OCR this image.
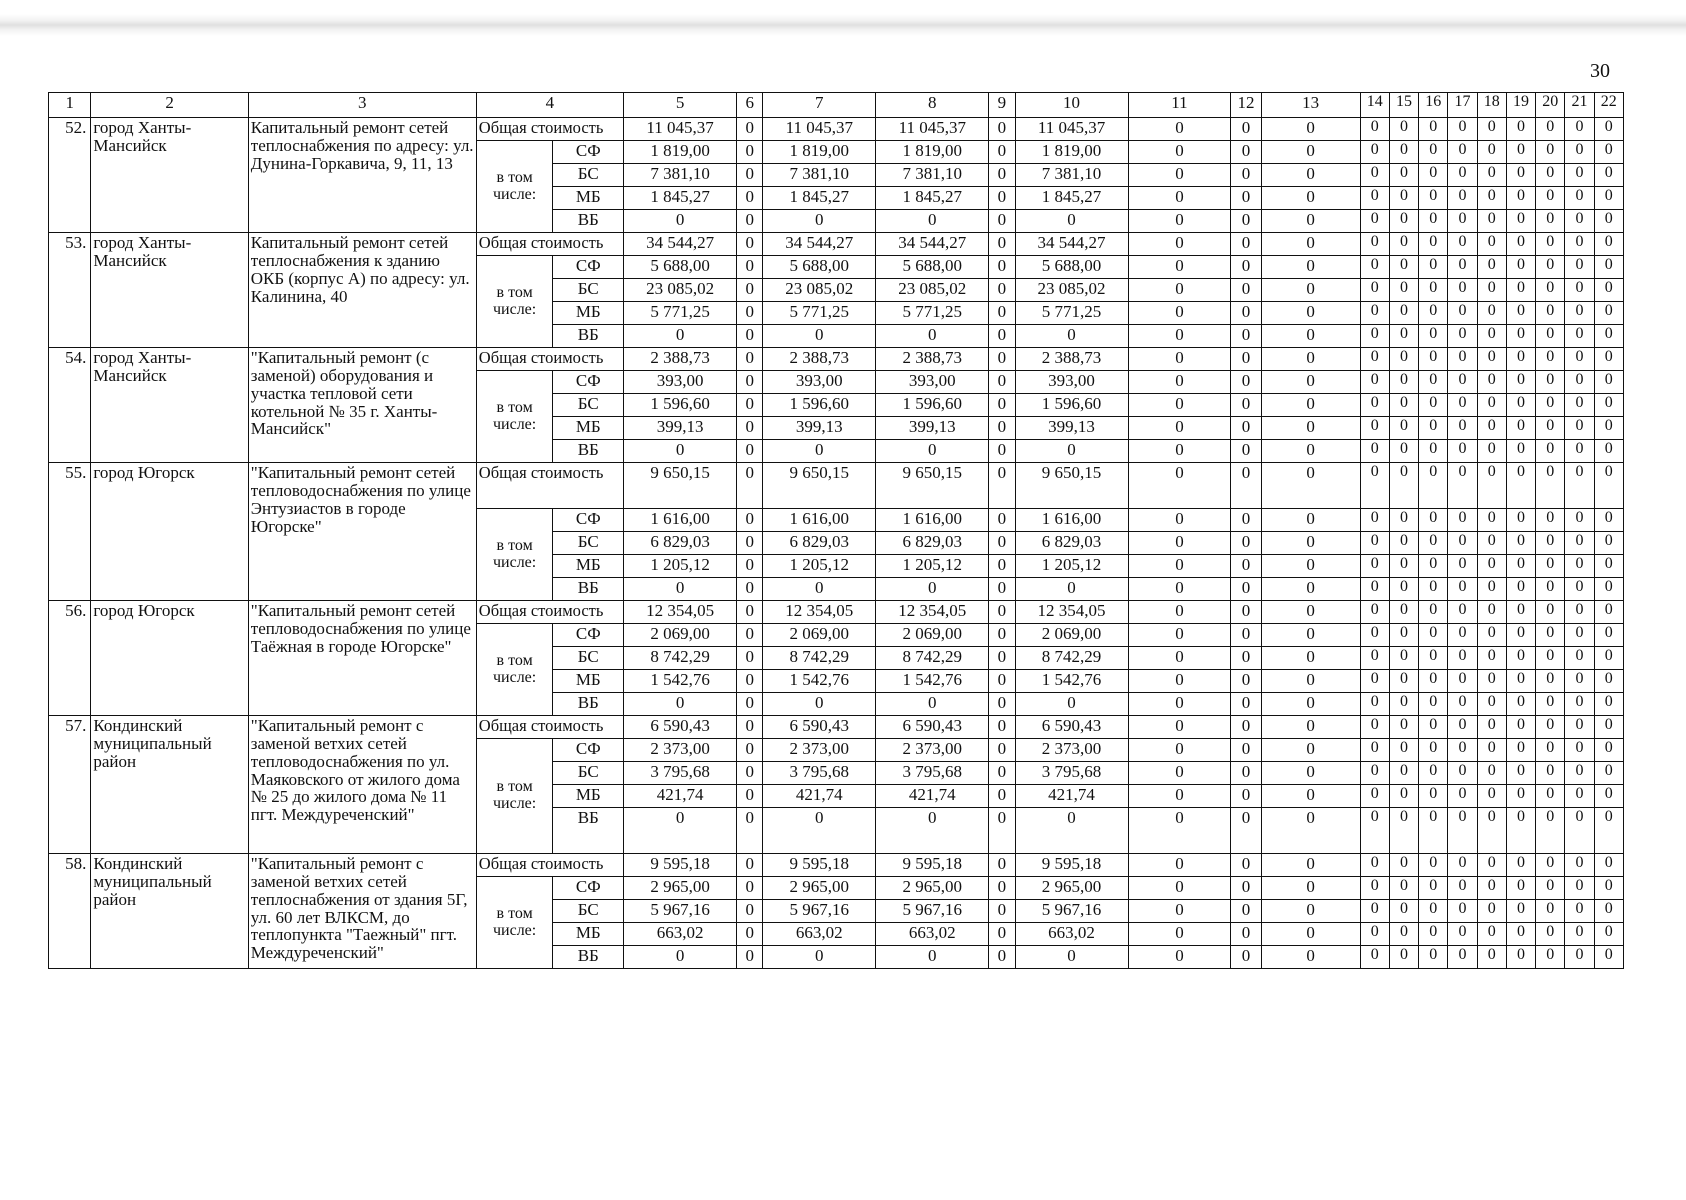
30
1	2	3	4		5	6	7	8	9	10	11	12	13	14	15	16	17	18	19	20	21	22
52.	город Ханты-Мансийск	Капитальный ремонт сетей теплоснабжения по адресу: ул. Дунина-Горкавича, 9, 11, 13	Общая стоимость		11 045,37	0	11 045,37	11 045,37	0	11 045,37	0	0	0	0	0	0	0	0	0	0	0	0
			в том числе:	СФ	1 819,00	0	1 819,00	1 819,00	0	1 819,00	0	0	0	0	0	0	0	0	0	0	0	0
				БС	7 381,10	0	7 381,10	7 381,10	0	7 381,10	0	0	0	0	0	0	0	0	0	0	0	0
				МБ	1 845,27	0	1 845,27	1 845,27	0	1 845,27	0	0	0	0	0	0	0	0	0	0	0	0
				ВБ	0	0	0	0	0	0	0	0	0	0	0	0	0	0	0	0	0	0
53.	город Ханты-Мансийск	Капитальный ремонт сетей теплоснабжения к зданию ОКБ (корпус А) по адресу: ул. Калинина, 40	Общая стоимость		34 544,27	0	34 544,27	34 544,27	0	34 544,27	0	0	0	0	0	0	0	0	0	0	0	0
			в том числе:	СФ	5 688,00	0	5 688,00	5 688,00	0	5 688,00	0	0	0	0	0	0	0	0	0	0	0	0
				БС	23 085,02	0	23 085,02	23 085,02	0	23 085,02	0	0	0	0	0	0	0	0	0	0	0	0
				МБ	5 771,25	0	5 771,25	5 771,25	0	5 771,25	0	0	0	0	0	0	0	0	0	0	0	0
				ВБ	0	0	0	0	0	0	0	0	0	0	0	0	0	0	0	0	0	0
54.	город Ханты-Мансийск	"Капитальный ремонт (с заменой) оборудования и участка тепловой сети котельной № 35 г. Ханты-Мансийск"	Общая стоимость		2 388,73	0	2 388,73	2 388,73	0	2 388,73	0	0	0	0	0	0	0	0	0	0	0	0
			в том числе:	СФ	393,00	0	393,00	393,00	0	393,00	0	0	0	0	0	0	0	0	0	0	0	0
				БС	1 596,60	0	1 596,60	1 596,60	0	1 596,60	0	0	0	0	0	0	0	0	0	0	0	0
				МБ	399,13	0	399,13	399,13	0	399,13	0	0	0	0	0	0	0	0	0	0	0	0
				ВБ	0	0	0	0	0	0	0	0	0	0	0	0	0	0	0	0	0	0
55.	город Югорск	"Капитальный ремонт сетей тепловодоснабжения по улице Энтузиастов в городе Югорске"	Общая стоимость		9 650,15	0	9 650,15	9 650,15	0	9 650,15	0	0	0	0	0	0	0	0	0	0	0	0
			в том числе:	СФ	1 616,00	0	1 616,00	1 616,00	0	1 616,00	0	0	0	0	0	0	0	0	0	0	0	0
				БС	6 829,03	0	6 829,03	6 829,03	0	6 829,03	0	0	0	0	0	0	0	0	0	0	0	0
				МБ	1 205,12	0	1 205,12	1 205,12	0	1 205,12	0	0	0	0	0	0	0	0	0	0	0	0
				ВБ	0	0	0	0	0	0	0	0	0	0	0	0	0	0	0	0	0	0
56.	город Югорск	"Капитальный ремонт сетей тепловодоснабжения по улице Таёжная в городе Югорске"	Общая стоимость		12 354,05	0	12 354,05	12 354,05	0	12 354,05	0	0	0	0	0	0	0	0	0	0	0	0
			в том числе:	СФ	2 069,00	0	2 069,00	2 069,00	0	2 069,00	0	0	0	0	0	0	0	0	0	0	0	0
				БС	8 742,29	0	8 742,29	8 742,29	0	8 742,29	0	0	0	0	0	0	0	0	0	0	0	0
				МБ	1 542,76	0	1 542,76	1 542,76	0	1 542,76	0	0	0	0	0	0	0	0	0	0	0	0
				ВБ	0	0	0	0	0	0	0	0	0	0	0	0	0	0	0	0	0	0
57.	Кондинский муниципальный район	"Капитальный ремонт с заменой ветхих сетей тепловодоснабжения по ул. Маяковского от жилого дома № 25 до жилого дома № 11 пгт. Междуреченский"	Общая стоимость		6 590,43	0	6 590,43	6 590,43	0	6 590,43	0	0	0	0	0	0	0	0	0	0	0	0
			в том числе:	СФ	2 373,00	0	2 373,00	2 373,00	0	2 373,00	0	0	0	0	0	0	0	0	0	0	0	0
				БС	3 795,68	0	3 795,68	3 795,68	0	3 795,68	0	0	0	0	0	0	0	0	0	0	0	0
				МБ	421,74	0	421,74	421,74	0	421,74	0	0	0	0	0	0	0	0	0	0	0	0
				ВБ	0	0	0	0	0	0	0	0	0	0	0	0	0	0	0	0	0	0
58.	Кондинский муниципальный район	"Капитальный ремонт с заменой ветхих сетей теплоснабжения от здания 5Г, ул. 60 лет ВЛКСМ, до теплопункта "Таежный" пгт. Междуреченский"	Общая стоимость		9 595,18	0	9 595,18	9 595,18	0	9 595,18	0	0	0	0	0	0	0	0	0	0	0	0
			в том числе:	СФ	2 965,00	0	2 965,00	2 965,00	0	2 965,00	0	0	0	0	0	0	0	0	0	0	0	0
				БС	5 967,16	0	5 967,16	5 967,16	0	5 967,16	0	0	0	0	0	0	0	0	0	0	0	0
				МБ	663,02	0	663,02	663,02	0	663,02	0	0	0	0	0	0	0	0	0	0	0	0
				ВБ	0	0	0	0	0	0	0	0	0	0	0	0	0	0	0	0	0	0
